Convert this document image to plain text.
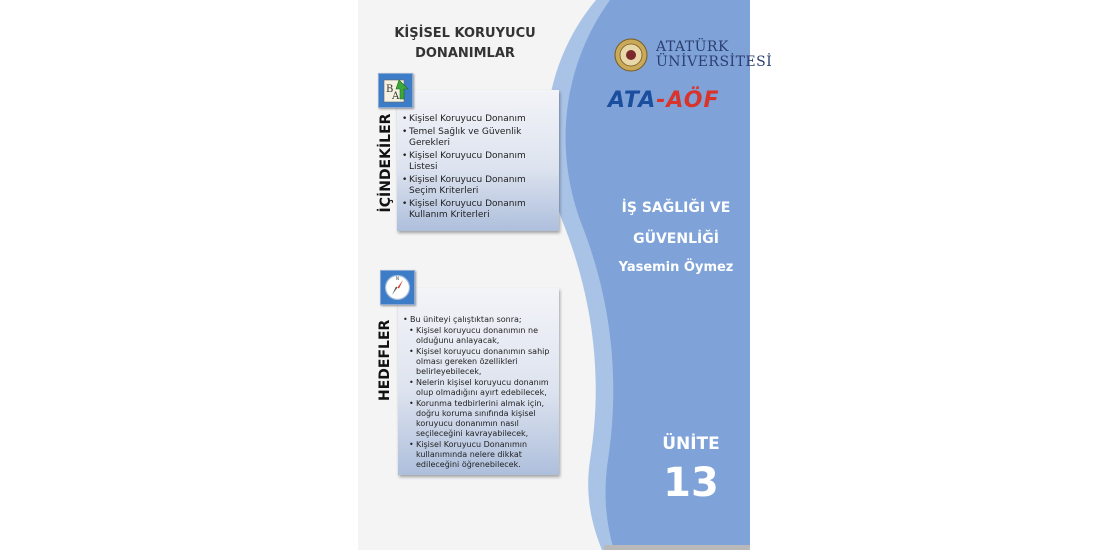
KİŞİSEL KORUYUCU
DONANIMLAR
İÇİNDEKİLER
B
A
• Kişisel Koruyucu Donanım
• Temel Sağlık ve Güvenlik Gerekleri
• Kişisel Koruyucu Donanım Listesi
• Kişisel Koruyucu Donanım Seçim Kriterleri
• Kişisel Koruyucu Donanım Kullanım Kriterleri
HEDEFLER
N
• Bu üniteyi çalıştıktan sonra;
• Kişisel koruyucu donanımın ne olduğunu anlayacak,
• Kişisel koruyucu donanımın sahip olması gereken özellikleri belirleyebilecek,
• Nelerin kişisel koruyucu donanım olup olmadığını ayırt edebilecek,
• Korunma tedbirlerini almak için, doğru koruma sınıfında kişisel koruyucu donanımın nasıl seçileceğini kavrayabilecek,
• Kişisel Koruyucu Donanımın kullanımında nelere dikkat edileceğini öğrenebilecek.
ATATÜRK
ÜNİVERSİTESİ
ATA-AÖF
İŞ SAĞLIĞI VE
GÜVENLİĞİ
Yasemin Öymez
ÜNİTE
13
